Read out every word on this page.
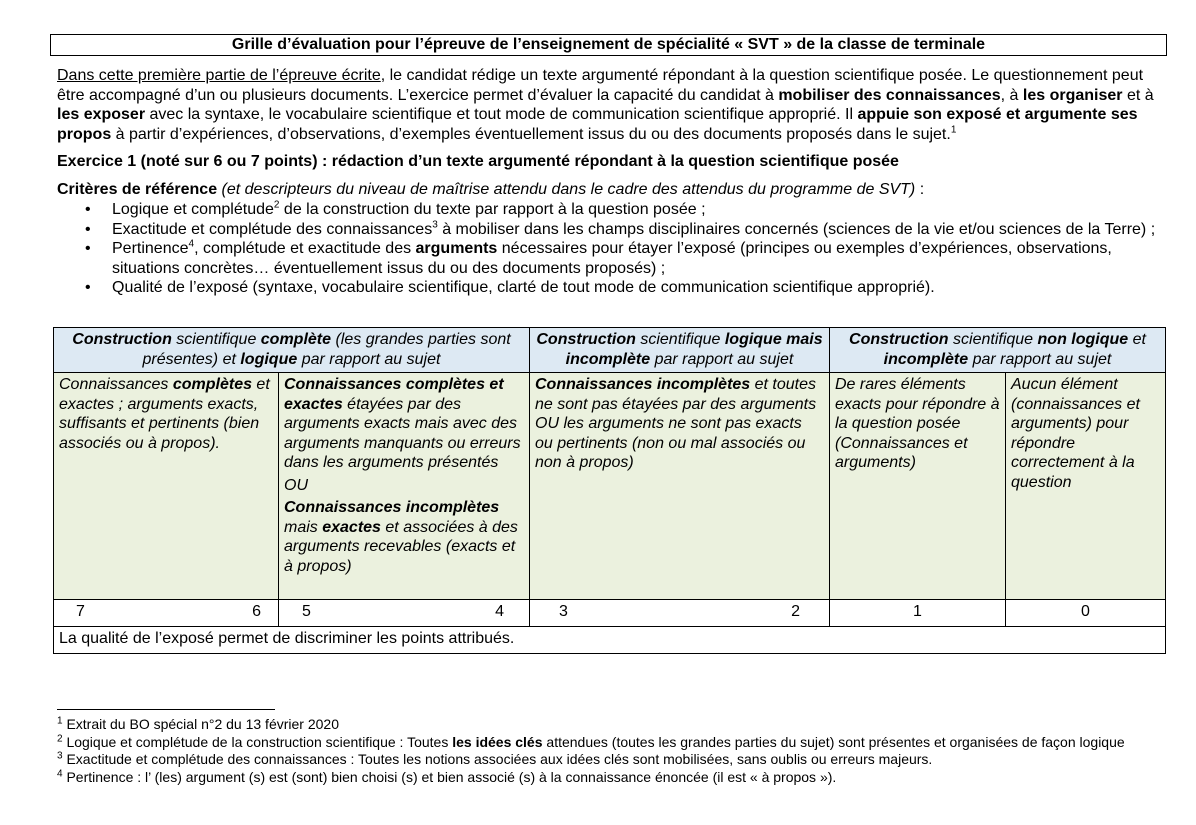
Grille d’évaluation pour l’épreuve de l’enseignement de spécialité « SVT » de la classe de terminale

Dans cette première partie de l’épreuve écrite, le candidat rédige un texte argumenté répondant à la question scientifique posée. Le questionnement peut être accompagné d’un ou plusieurs documents. L’exercice permet d’évaluer la capacité du candidat à mobiliser des connaissances, à les organiser et à les exposer avec la syntaxe, le vocabulaire scientifique et tout mode de communication scientifique approprié. Il appuie son exposé et argumente ses propos à partir d’expériences, d’observations, d’exemples éventuellement issus du ou des documents proposés dans le sujet.$^1$

Exercice 1 (noté sur 6 ou 7 points) : rédaction d’un texte argumenté répondant à la question scientifique posée

Critères de référence (et descripteurs du niveau de maîtrise attendu dans le cadre des attendus du programme de SVT) :

• Logique et complétude$^2$ de la construction du texte par rapport à la question posée ;
• Exactitude et complétude des connaissances$^3$ à mobiliser dans les champs disciplinaires concernés (sciences de la vie et/ou sciences de la Terre) ;
• Pertinence$^4$, complétude et exactitude des arguments nécessaires pour étayer l’exposé (principes ou exemples d’expériences, observations, situations concrètes… éventuellement issus du ou des documents proposés) ;
• Qualité de l’exposé (syntaxe, vocabulaire scientifique, clarté de tout mode de communication scientifique approprié).
Construction scientifique complète (les grandes parties sont présentes) et logique par rapport au sujet		Construction scientifique logique mais incomplète par rapport au sujet	Construction scientifique non logique et incomplète par rapport au sujet	
Connaissances complètes et exactes ; arguments exacts, suffisants et pertinents (bien associés ou à propos).	Connaissances complètes et exactes étayées par des arguments exacts mais avec des arguments manquants ou erreurs dans les arguments présentés
OU
Connaissances incomplètes mais exactes et associées à des arguments recevables (exacts et à propos)	Connaissances incomplètes et toutes ne sont pas étayées par des arguments OU les arguments ne sont pas exacts ou pertinents (non ou mal associés ou non à propos)	De rares éléments exacts pour répondre à la question posée (Connaissances et arguments)	Aucun élément (connaissances et arguments) pour répondre correctement à la question

7 6	5 4	3 2	1	0
La qualité de l’exposé permet de discriminer les points attribués.				
$^1$ Extrait du BO spécial n°2 du 13 février 2020
$^2$ Logique et complétude de la construction scientifique : Toutes les idées clés attendues (toutes les grandes parties du sujet) sont présentes et organisées de façon logique
$^3$ Exactitude et complétude des connaissances : Toutes les notions associées aux idées clés sont mobilisées, sans oublis ou erreurs majeurs.
$^4$ Pertinence : l’ (les) argument (s) est (sont) bien choisi (s) et bien associé (s) à la connaissance énoncée (il est « à propos »).
